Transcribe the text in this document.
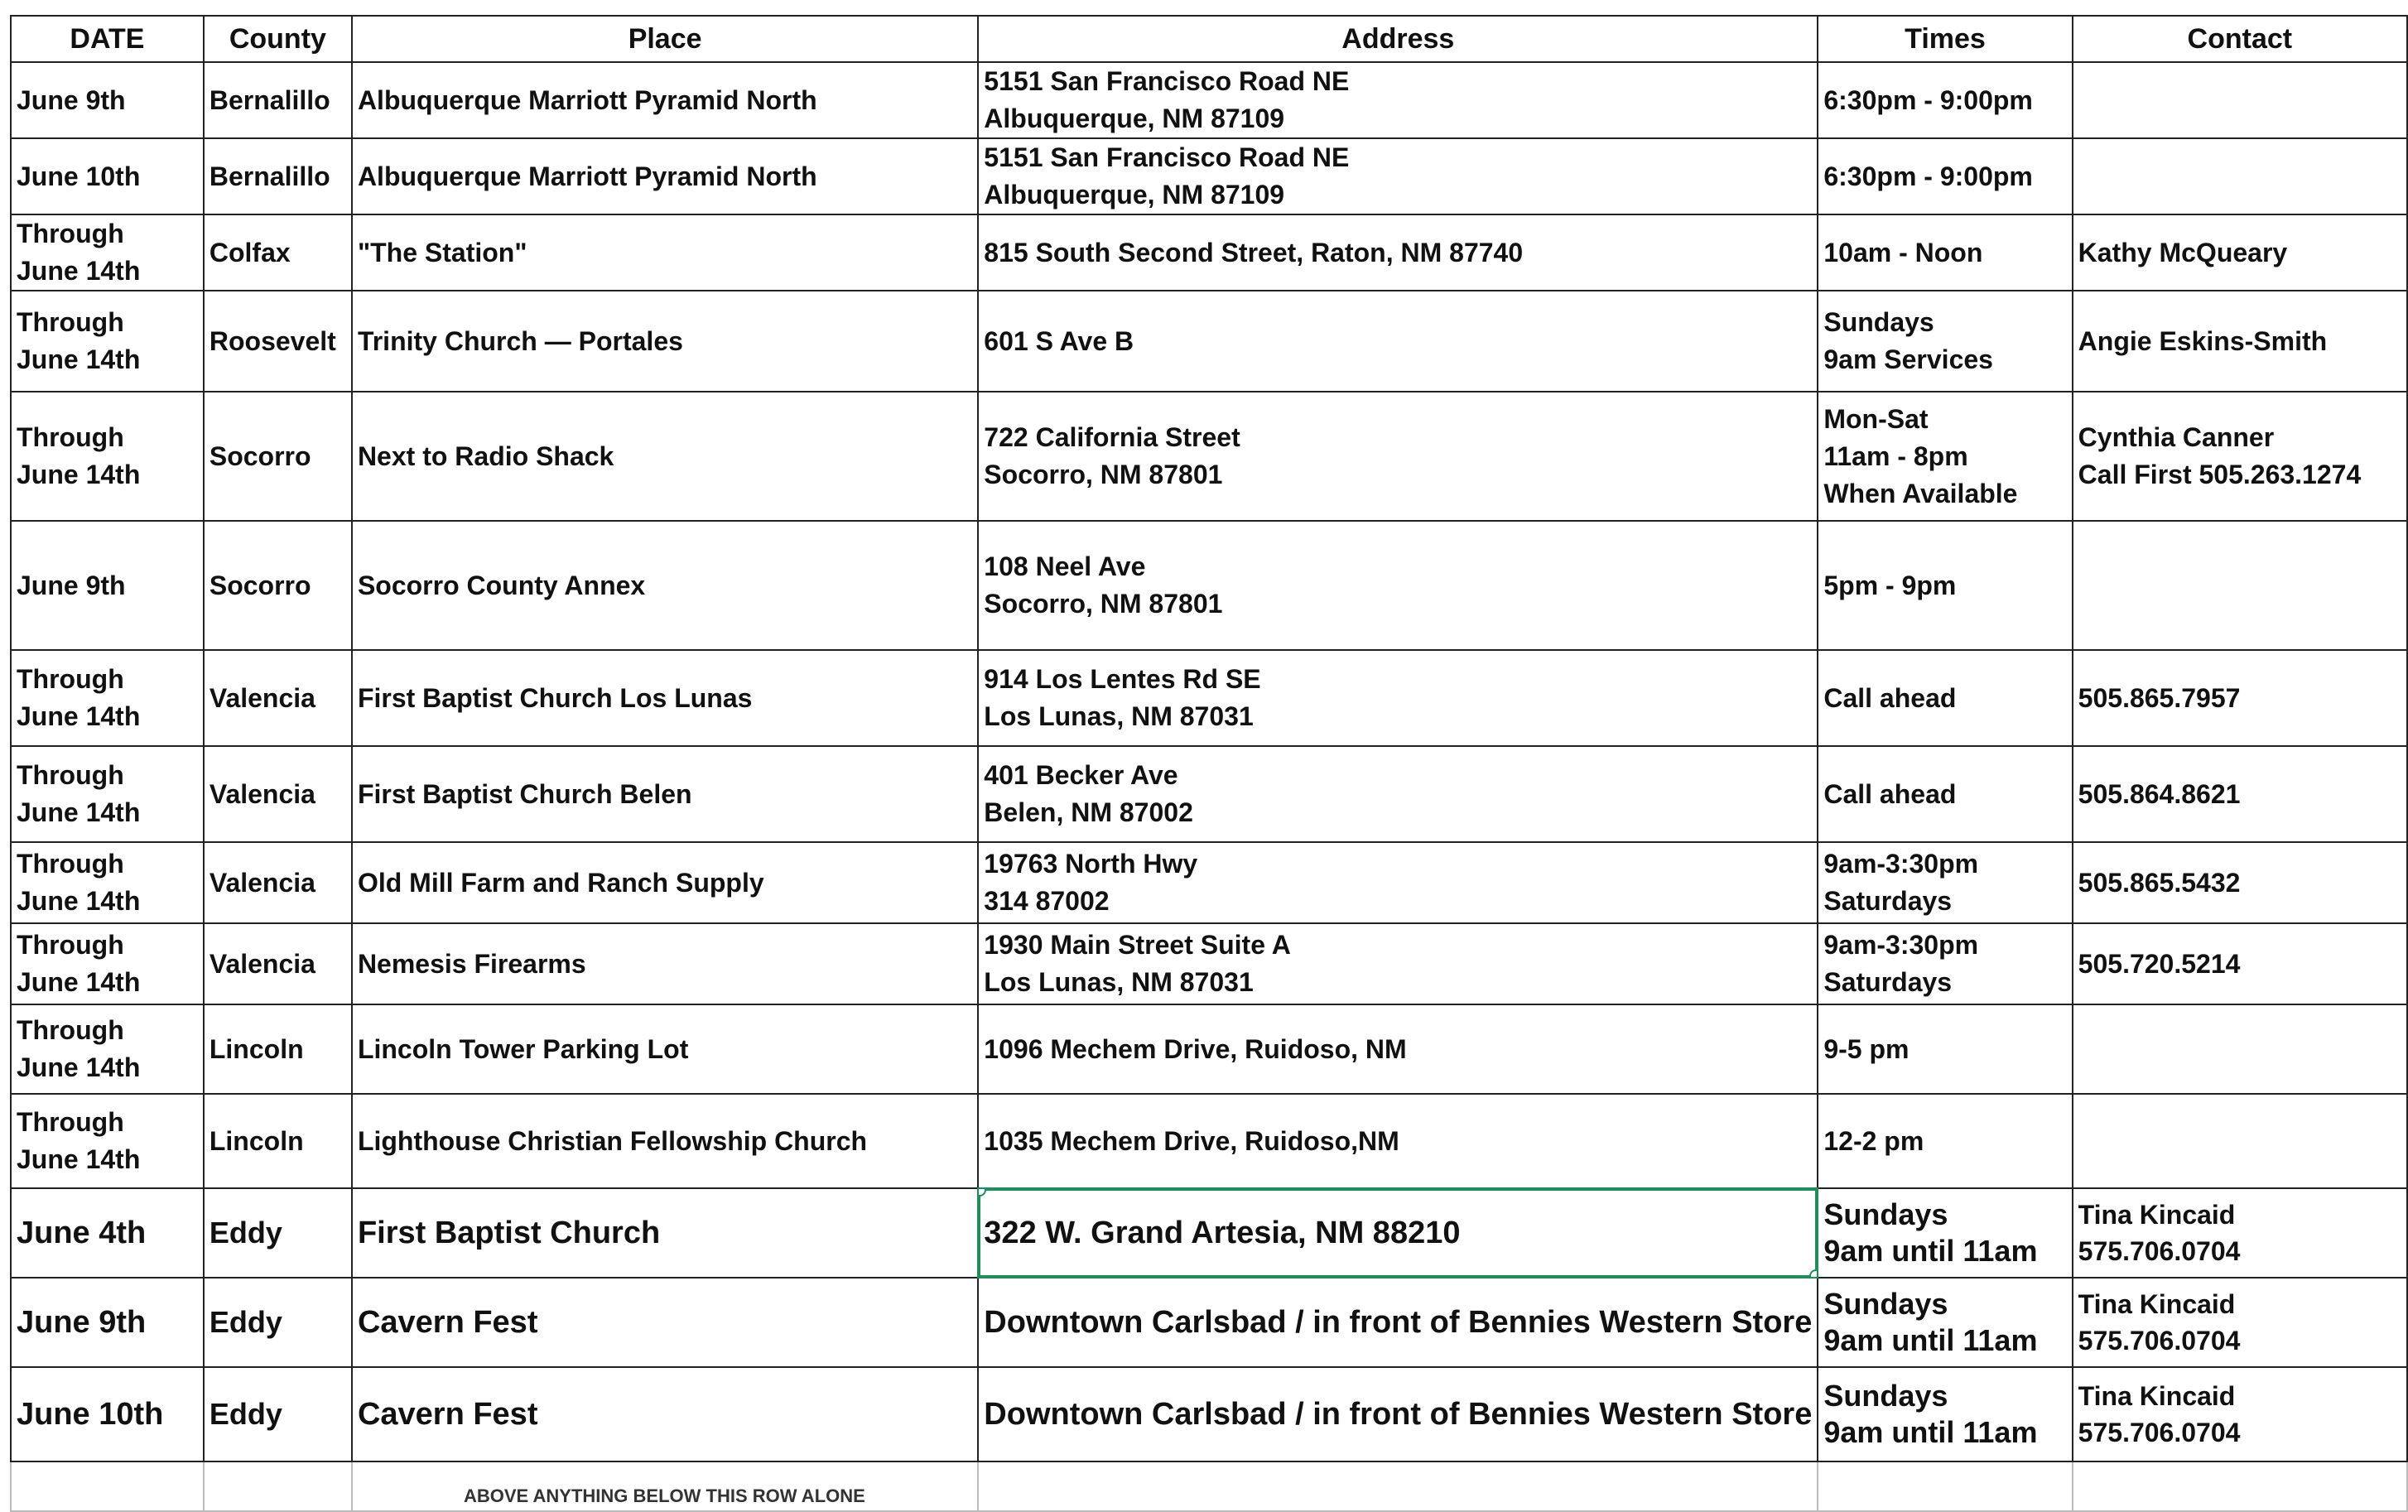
DATE	County	Place	Address	Times	Contact

June 9th	Bernalillo	Albuquerque Marriott Pyramid North	5151 San Francisco Road NE
Albuquerque, NM 87109	6:30pm - 9:00pm	

June 10th	Bernalillo	Albuquerque Marriott Pyramid North	5151 San Francisco Road NE
Albuquerque, NM 87109	6:30pm - 9:00pm	

Through
June 14th	Colfax	"The Station"	815 South Second Street, Raton, NM 87740	10am - Noon	Kathy McQueary

Through
June 14th	Roosevelt	Trinity Church — Portales	601 S Ave B	Sundays
9am Services	Angie Eskins-Smith

Through
June 14th	Socorro	Next to Radio Shack	722 California Street
Socorro, NM 87801	Mon-Sat
11am - 8pm
When Available	Cynthia Canner
Call First 505.263.1274

June 9th	Socorro	Socorro County Annex	108 Neel Ave
Socorro, NM 87801	5pm - 9pm	

Through
June 14th	Valencia	First Baptist Church Los Lunas	914 Los Lentes Rd SE
Los Lunas, NM 87031	Call ahead	505.865.7957

Through
June 14th	Valencia	First Baptist Church Belen	401 Becker Ave
Belen, NM 87002	Call ahead	505.864.8621

Through
June 14th	Valencia	Old Mill Farm and Ranch Supply	19763 North Hwy
314 87002	9am-3:30pm
Saturdays	505.865.5432

Through
June 14th	Valencia	Nemesis Firearms	1930 Main Street Suite A
Los Lunas, NM 87031	9am-3:30pm
Saturdays	505.720.5214

Through
June 14th	Lincoln	Lincoln Tower Parking Lot	1096 Mechem Drive, Ruidoso, NM	9-5 pm	

Through
June 14th	Lincoln	Lighthouse Christian Fellowship Church	1035 Mechem Drive, Ruidoso,NM	12-2 pm	

June 4th	Eddy	First Baptist Church	322 W. Grand Artesia, NM 88210	Sundays
9am until 11am	Tina Kincaid
575.706.0704

June 9th	Eddy	Cavern Fest	Downtown Carlsbad / in front of Bennies Western Store	Sundays
9am until 11am	Tina Kincaid
575.706.0704

June 10th	Eddy	Cavern Fest	Downtown Carlsbad / in front of Bennies Western Store	Sundays
9am until 11am	Tina Kincaid
575.706.0704

ABOVE ANYTHING BELOW THIS ROW ALONE
